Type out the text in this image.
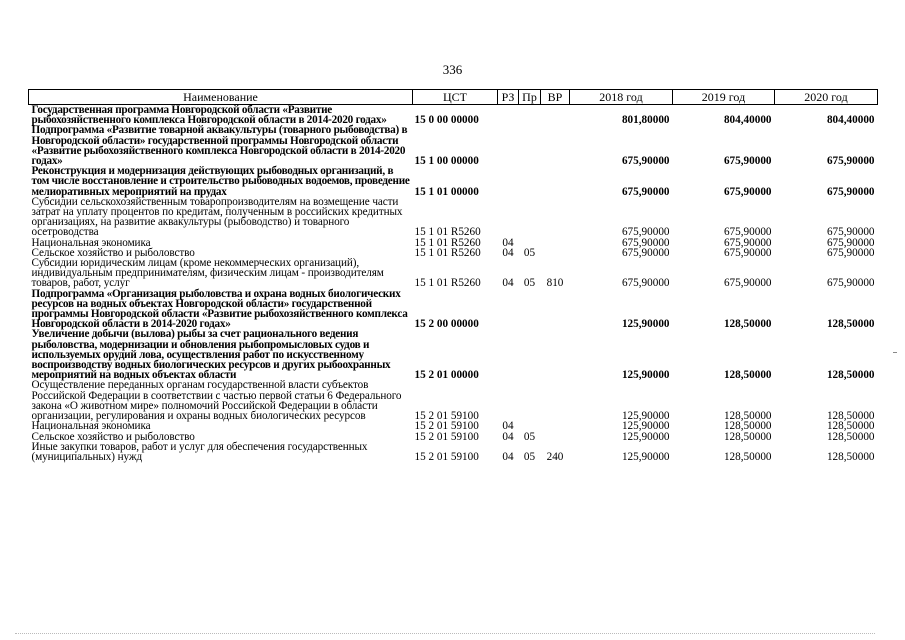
336
Наименование	ЦСТ	РЗ	Пр	ВР	2018 год	2019 год	2020 год
Государственная программа Новгородской области «Развитие рыбохозяйственного комплекса Новгородской области в 2014-2020 годах»	15 0 00 00000				801,80000	804,40000	804,40000
Подпрограмма «Развитие товарной аквакультуры (товарного рыбоводства) в Новгородской области» государственной программы Новгородской области «Развитие рыбохозяйственного комплекса Новгородской области в 2014-2020 годах»	15 1 00 00000				675,90000	675,90000	675,90000
Реконструкция и модернизация действующих рыбоводных организаций, в том числе восстановление и строительство рыбоводных водоемов, проведение мелиоративных мероприятий на прудах	15 1 01 00000				675,90000	675,90000	675,90000
Субсидии сельскохозяйственным товаропроизводителям на возмещение части затрат на уплату процентов по кредитам, полученным в российских кредитных организациях, на развитие аквакультуры (рыбоводство) и товарного осетроводства	15 1 01 R5260				675,90000	675,90000	675,90000
Национальная экономика	15 1 01 R5260	04			675,90000	675,90000	675,90000
Сельское хозяйство и рыболовство	15 1 01 R5260	04	05		675,90000	675,90000	675,90000
Субсидии юридическим лицам (кроме некоммерческих организаций), индивидуальным предпринимателям, физическим лицам - производителям товаров, работ, услуг	15 1 01 R5260	04	05	810	675,90000	675,90000	675,90000
Подпрограмма «Организация рыболовства и охрана водных биологических ресурсов на водных объектах Новгородской области» государственной программы Новгородской области «Развитие рыбохозяйственного комплекса Новгородской области в 2014-2020 годах»	15 2 00 00000				125,90000	128,50000	128,50000
Увеличение добычи (вылова) рыбы за счет рационального ведения рыболовства, модернизации и обновления рыбопромысловых судов и используемых орудий лова, осуществления работ по искусственному воспроизводству водных биологических ресурсов и других рыбоохранных мероприятий на водных объектах области	15 2 01 00000				125,90000	128,50000	128,50000
Осуществление переданных органам государственной власти субъектов Российской Федерации в соответствии с частью первой статьи 6 Федерального закона «О животном мире» полномочий Российской Федерации в области организации, регулирования и охраны водных биологических ресурсов	15 2 01 59100				125,90000	128,50000	128,50000
Национальная экономика	15 2 01 59100	04			125,90000	128,50000	128,50000
Сельское хозяйство и рыболовство	15 2 01 59100	04	05		125,90000	128,50000	128,50000
Иные закупки товаров, работ и услуг для обеспечения государственных (муниципальных) нужд	15 2 01 59100	04	05	240	125,90000	128,50000	128,50000
